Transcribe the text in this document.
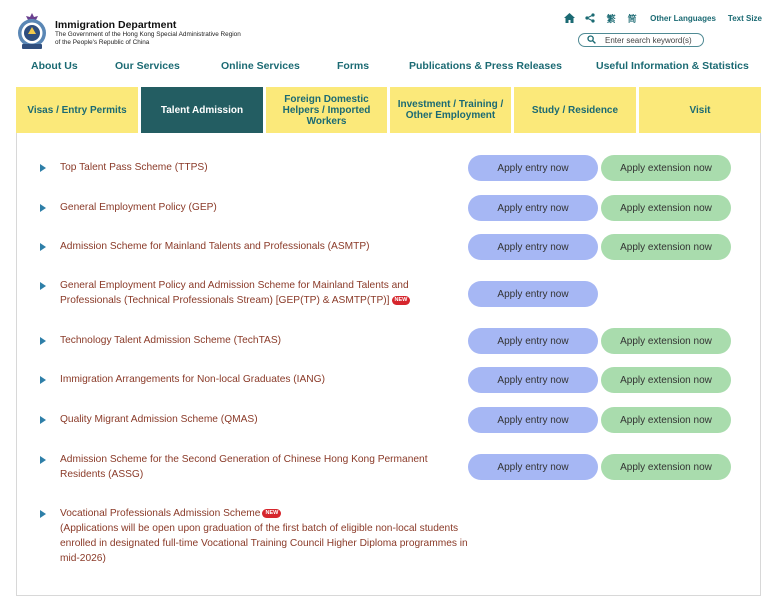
Immigration Department
The Government of the Hong Kong Special Administrative Region
of the People's Republic of China
繁 简 Other Languages Text Size
Enter search keyword(s)
About Us	Our Services	Online Services	Forms	Publications & Press Releases	Useful Information & Statistics
Visas / Entry Permits	Talent Admission
Foreign Domestic Helpers / Imported Workers
Investment / Training / Other Employment	Study / Residence	Visit
Top Talent Pass Scheme (TTPS)	Apply entry now	Apply extension now
General Employment Policy (GEP)	Apply entry now	Apply extension now
Admission Scheme for Mainland Talents and Professionals (ASMTP)	Apply entry now	Apply extension now
General Employment Policy and Admission Scheme for Mainland Talents and
Professionals (Technical Professionals Stream) [GEP(TP) & ASMTP(TP)] NEW
Apply entry now
Technology Talent Admission Scheme (TechTAS)	Apply entry now	Apply extension now
Immigration Arrangements for Non-local Graduates (IANG)	Apply entry now	Apply extension now
Quality Migrant Admission Scheme (QMAS)	Apply entry now	Apply extension now
Admission Scheme for the Second Generation of Chinese Hong Kong Permanent
Residents (ASSG)
Apply entry now	Apply extension now
Vocational Professionals Admission Scheme NEW
(Applications will be open upon graduation of the first batch of eligible non-local students
enrolled in designated full-time Vocational Training Council Higher Diploma programmes in
mid-2026)
